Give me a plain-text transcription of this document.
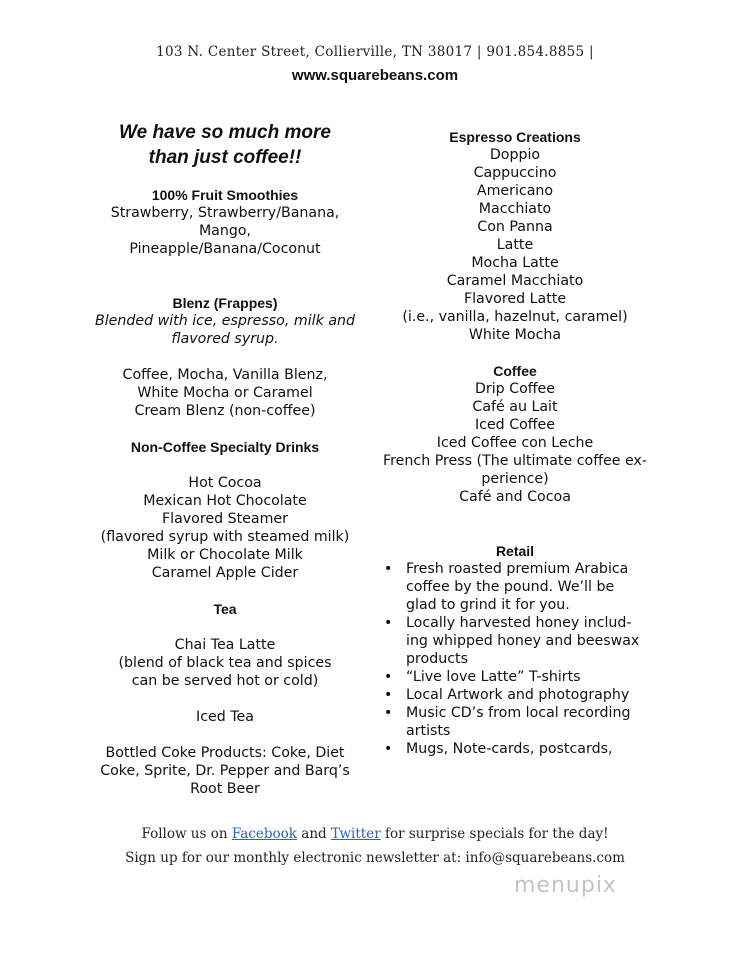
103 N. Center Street, Collierville, TN 38017 | 901.854.8855 |
www.squarebeans.com
We have so much more
than just coffee!!
100% Fruit Smoothies
Strawberry, Strawberry/Banana,
Mango,
Pineapple/Banana/Coconut
Blenz (Frappes)
Blended with ice, espresso, milk and
flavored syrup.
Coffee, Mocha, Vanilla Blenz,
White Mocha or Caramel
Cream Blenz (non-coffee)
Non-Coffee Specialty Drinks
Hot Cocoa
Mexican Hot Chocolate
Flavored Steamer
(flavored syrup with steamed milk)
Milk or Chocolate Milk
Caramel Apple Cider
Tea
Chai Tea Latte
(blend of black tea and spices
can be served hot or cold)
Iced Tea
Bottled Coke Products: Coke, Diet
Coke, Sprite, Dr. Pepper and Barq’s
Root Beer
Espresso Creations
Doppio
Cappuccino
Americano
Macchiato
Con Panna
Latte
Mocha Latte
Caramel Macchiato
Flavored Latte
(i.e., vanilla, hazelnut, caramel)
White Mocha
Coffee
Drip Coffee
Café au Lait
Iced Coffee
Iced Coffee con Leche
French Press (The ultimate coffee ex-
perience)
Café and Cocoa
Retail
• Fresh roasted premium Arabica
coffee by the pound. We’ll be
glad to grind it for you.
• Locally harvested honey includ-
ing whipped honey and beeswax
products
• “Live love Latte” T-shirts
• Local Artwork and photography
• Music CD’s from local recording
artists
• Mugs, Note-cards, postcards,
Follow us on Facebook and Twitter for surprise specials for the day!
Sign up for our monthly electronic newsletter at: info@squarebeans.com
menupix
